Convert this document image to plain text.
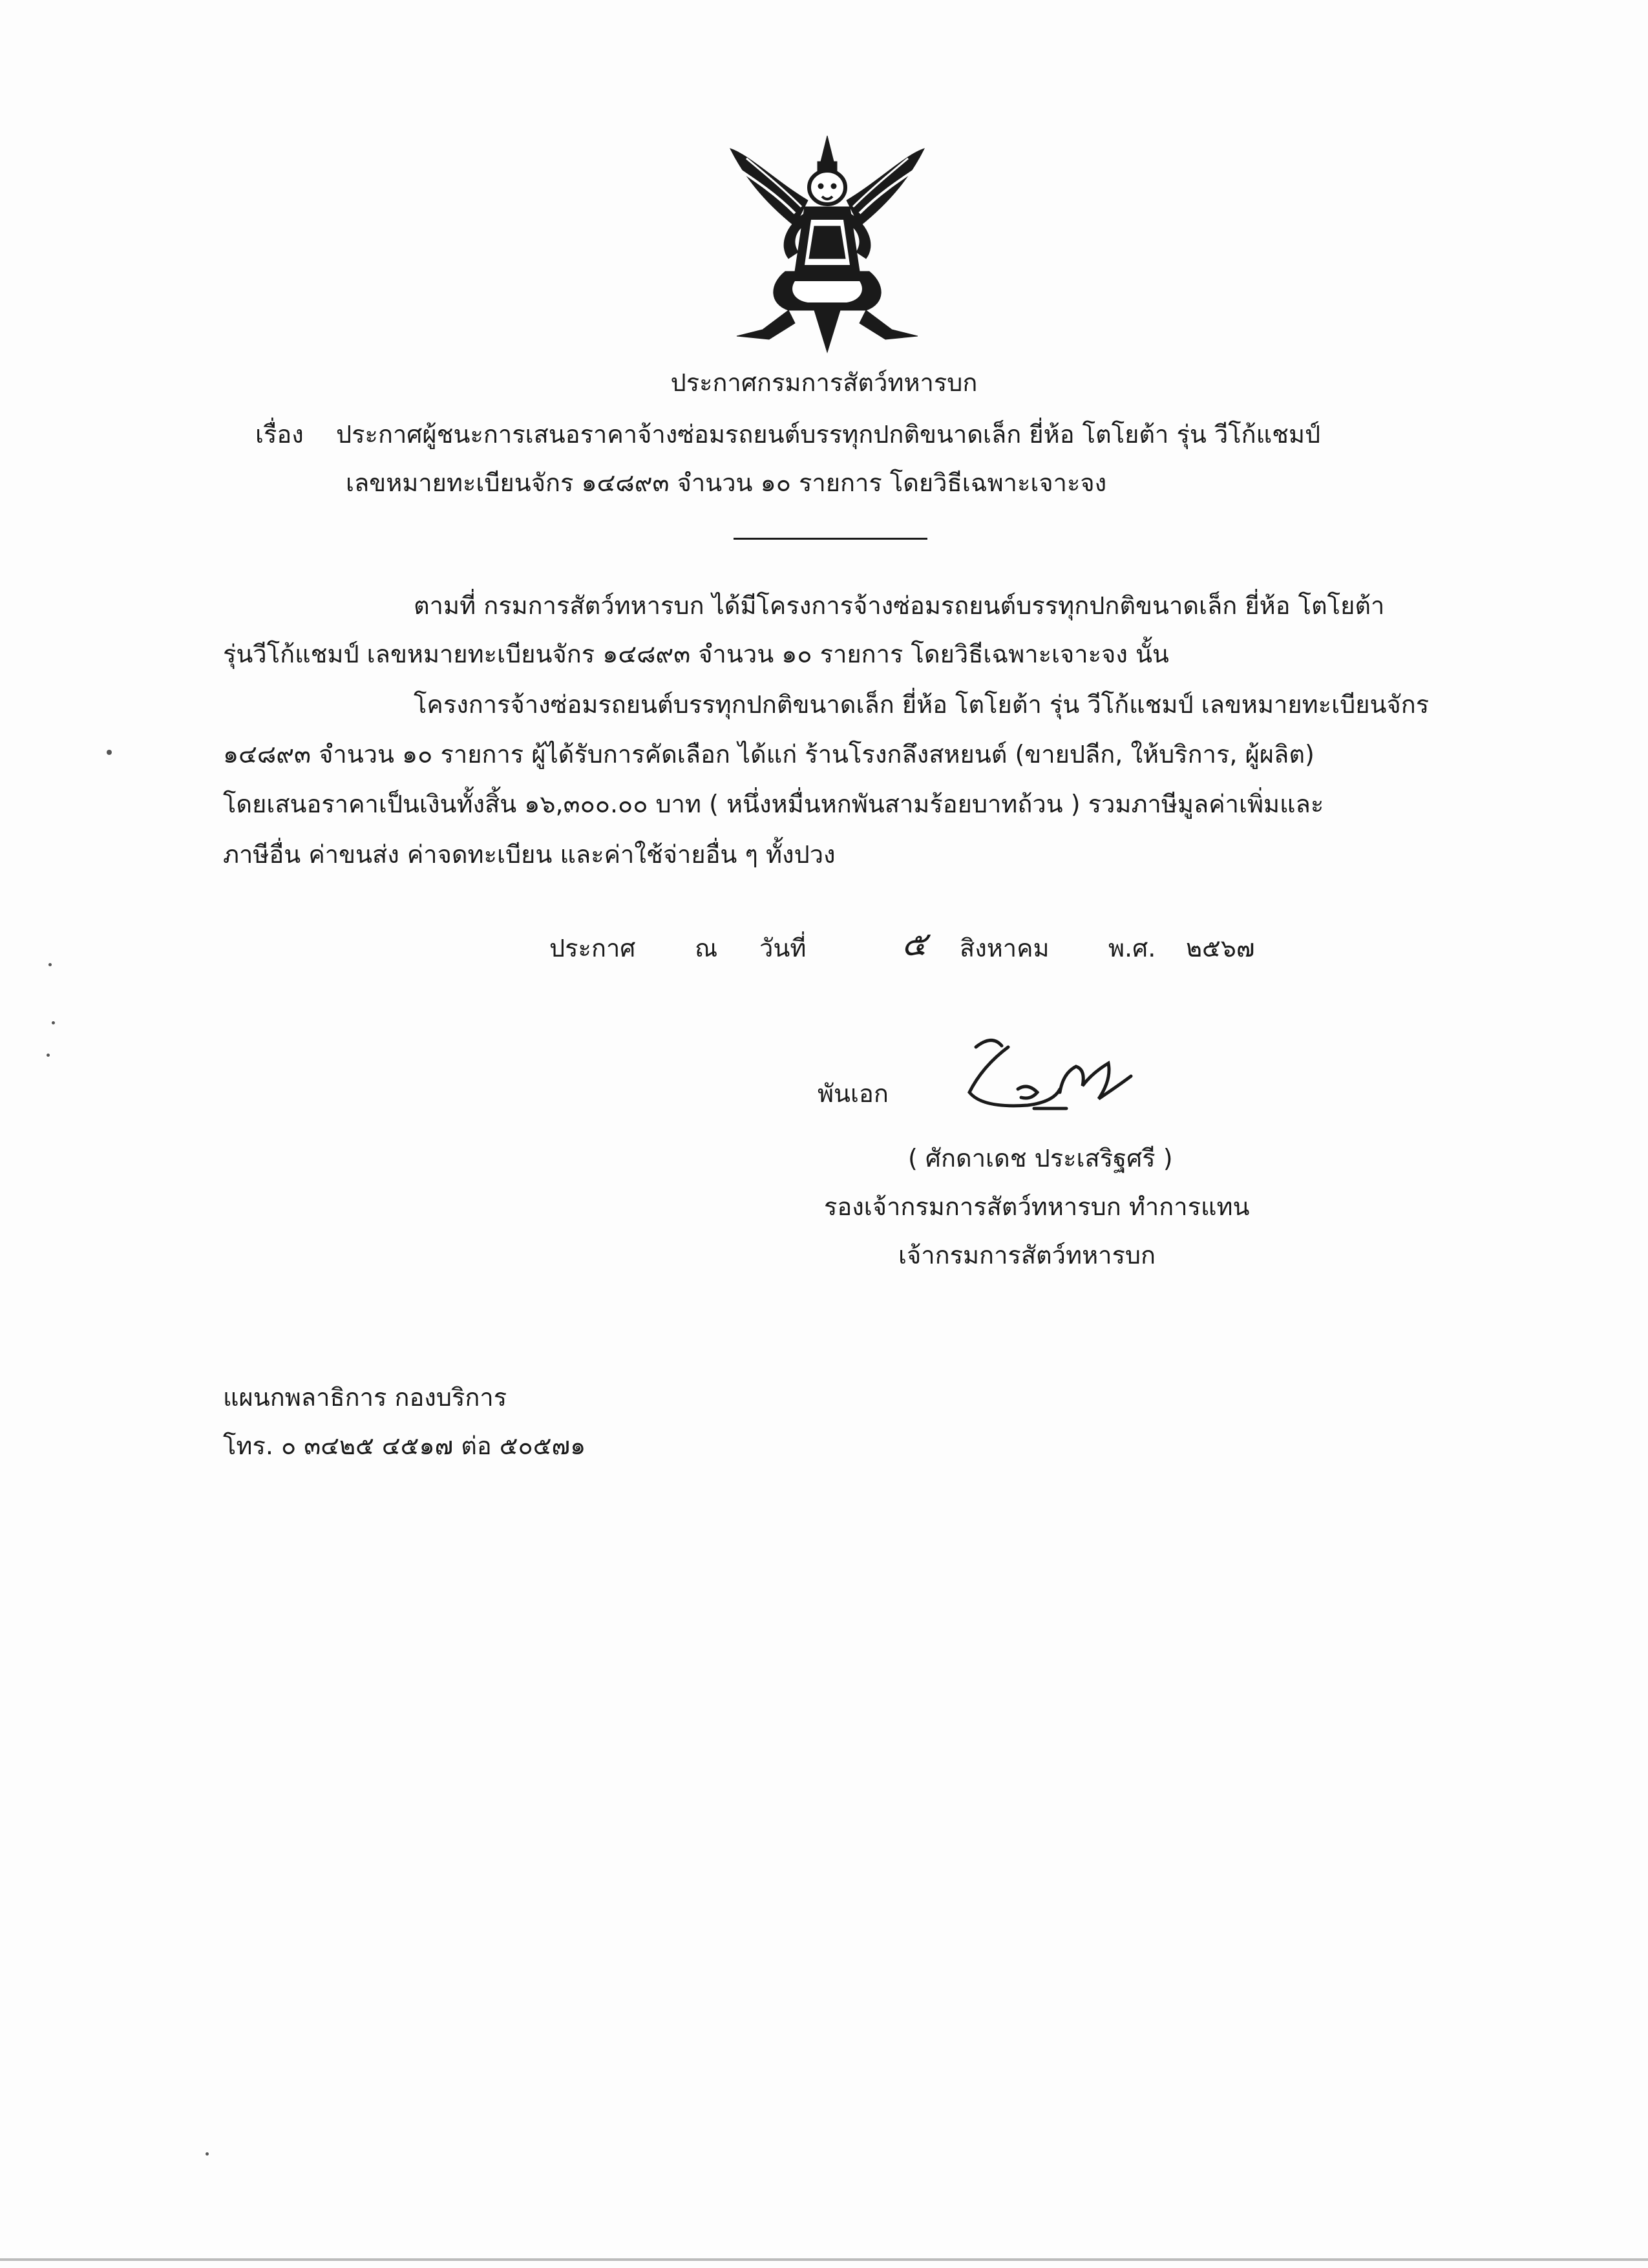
ประกาศกรมการสัตว์ทหารบก
เรื่อง ประกาศผู้ชนะการเสนอราคาจ้างซ่อมรถยนต์บรรทุกปกติขนาดเล็ก ยี่ห้อ โตโยต้า รุ่น วีโก้แชมป์
เลขหมายทะเบียนจักร ๑๔๘๙๓ จำนวน ๑๐ รายการ โดยวิธีเฉพาะเจาะจง
ตามที่ กรมการสัตว์ทหารบก ได้มีโครงการจ้างซ่อมรถยนต์บรรทุกปกติขนาดเล็ก ยี่ห้อ โตโยต้า
รุ่นวีโก้แชมป์ เลขหมายทะเบียนจักร ๑๔๘๙๓ จำนวน ๑๐ รายการ โดยวิธีเฉพาะเจาะจง นั้น
โครงการจ้างซ่อมรถยนต์บรรทุกปกติขนาดเล็ก ยี่ห้อ โตโยต้า รุ่น วีโก้แชมป์ เลขหมายทะเบียนจักร
๑๔๘๙๓ จำนวน ๑๐ รายการ ผู้ได้รับการคัดเลือก ได้แก่ ร้านโรงกลึงสหยนต์ (ขายปลีก, ให้บริการ, ผู้ผลิต)
โดยเสนอราคาเป็นเงินทั้งสิ้น ๑๖,๓๐๐.๐๐ บาท ( หนึ่งหมื่นหกพันสามร้อยบาทถ้วน ) รวมภาษีมูลค่าเพิ่มและ
ภาษีอื่น ค่าขนส่ง ค่าจดทะเบียน และค่าใช้จ่ายอื่น ๆ ทั้งปวง
ประกาศ ณ วันที่	๕ สิงหาคม พ.ศ. ๒๕๖๗
พันเอก
( ศักดาเดช ประเสริฐศรี )
รองเจ้ากรมการสัตว์ทหารบก ทำการแทน
เจ้ากรมการสัตว์ทหารบก
แผนกพลาธิการ กองบริการ
โทร. ๐ ๓๔๒๕ ๔๕๑๗ ต่อ ๕๐๕๗๑
